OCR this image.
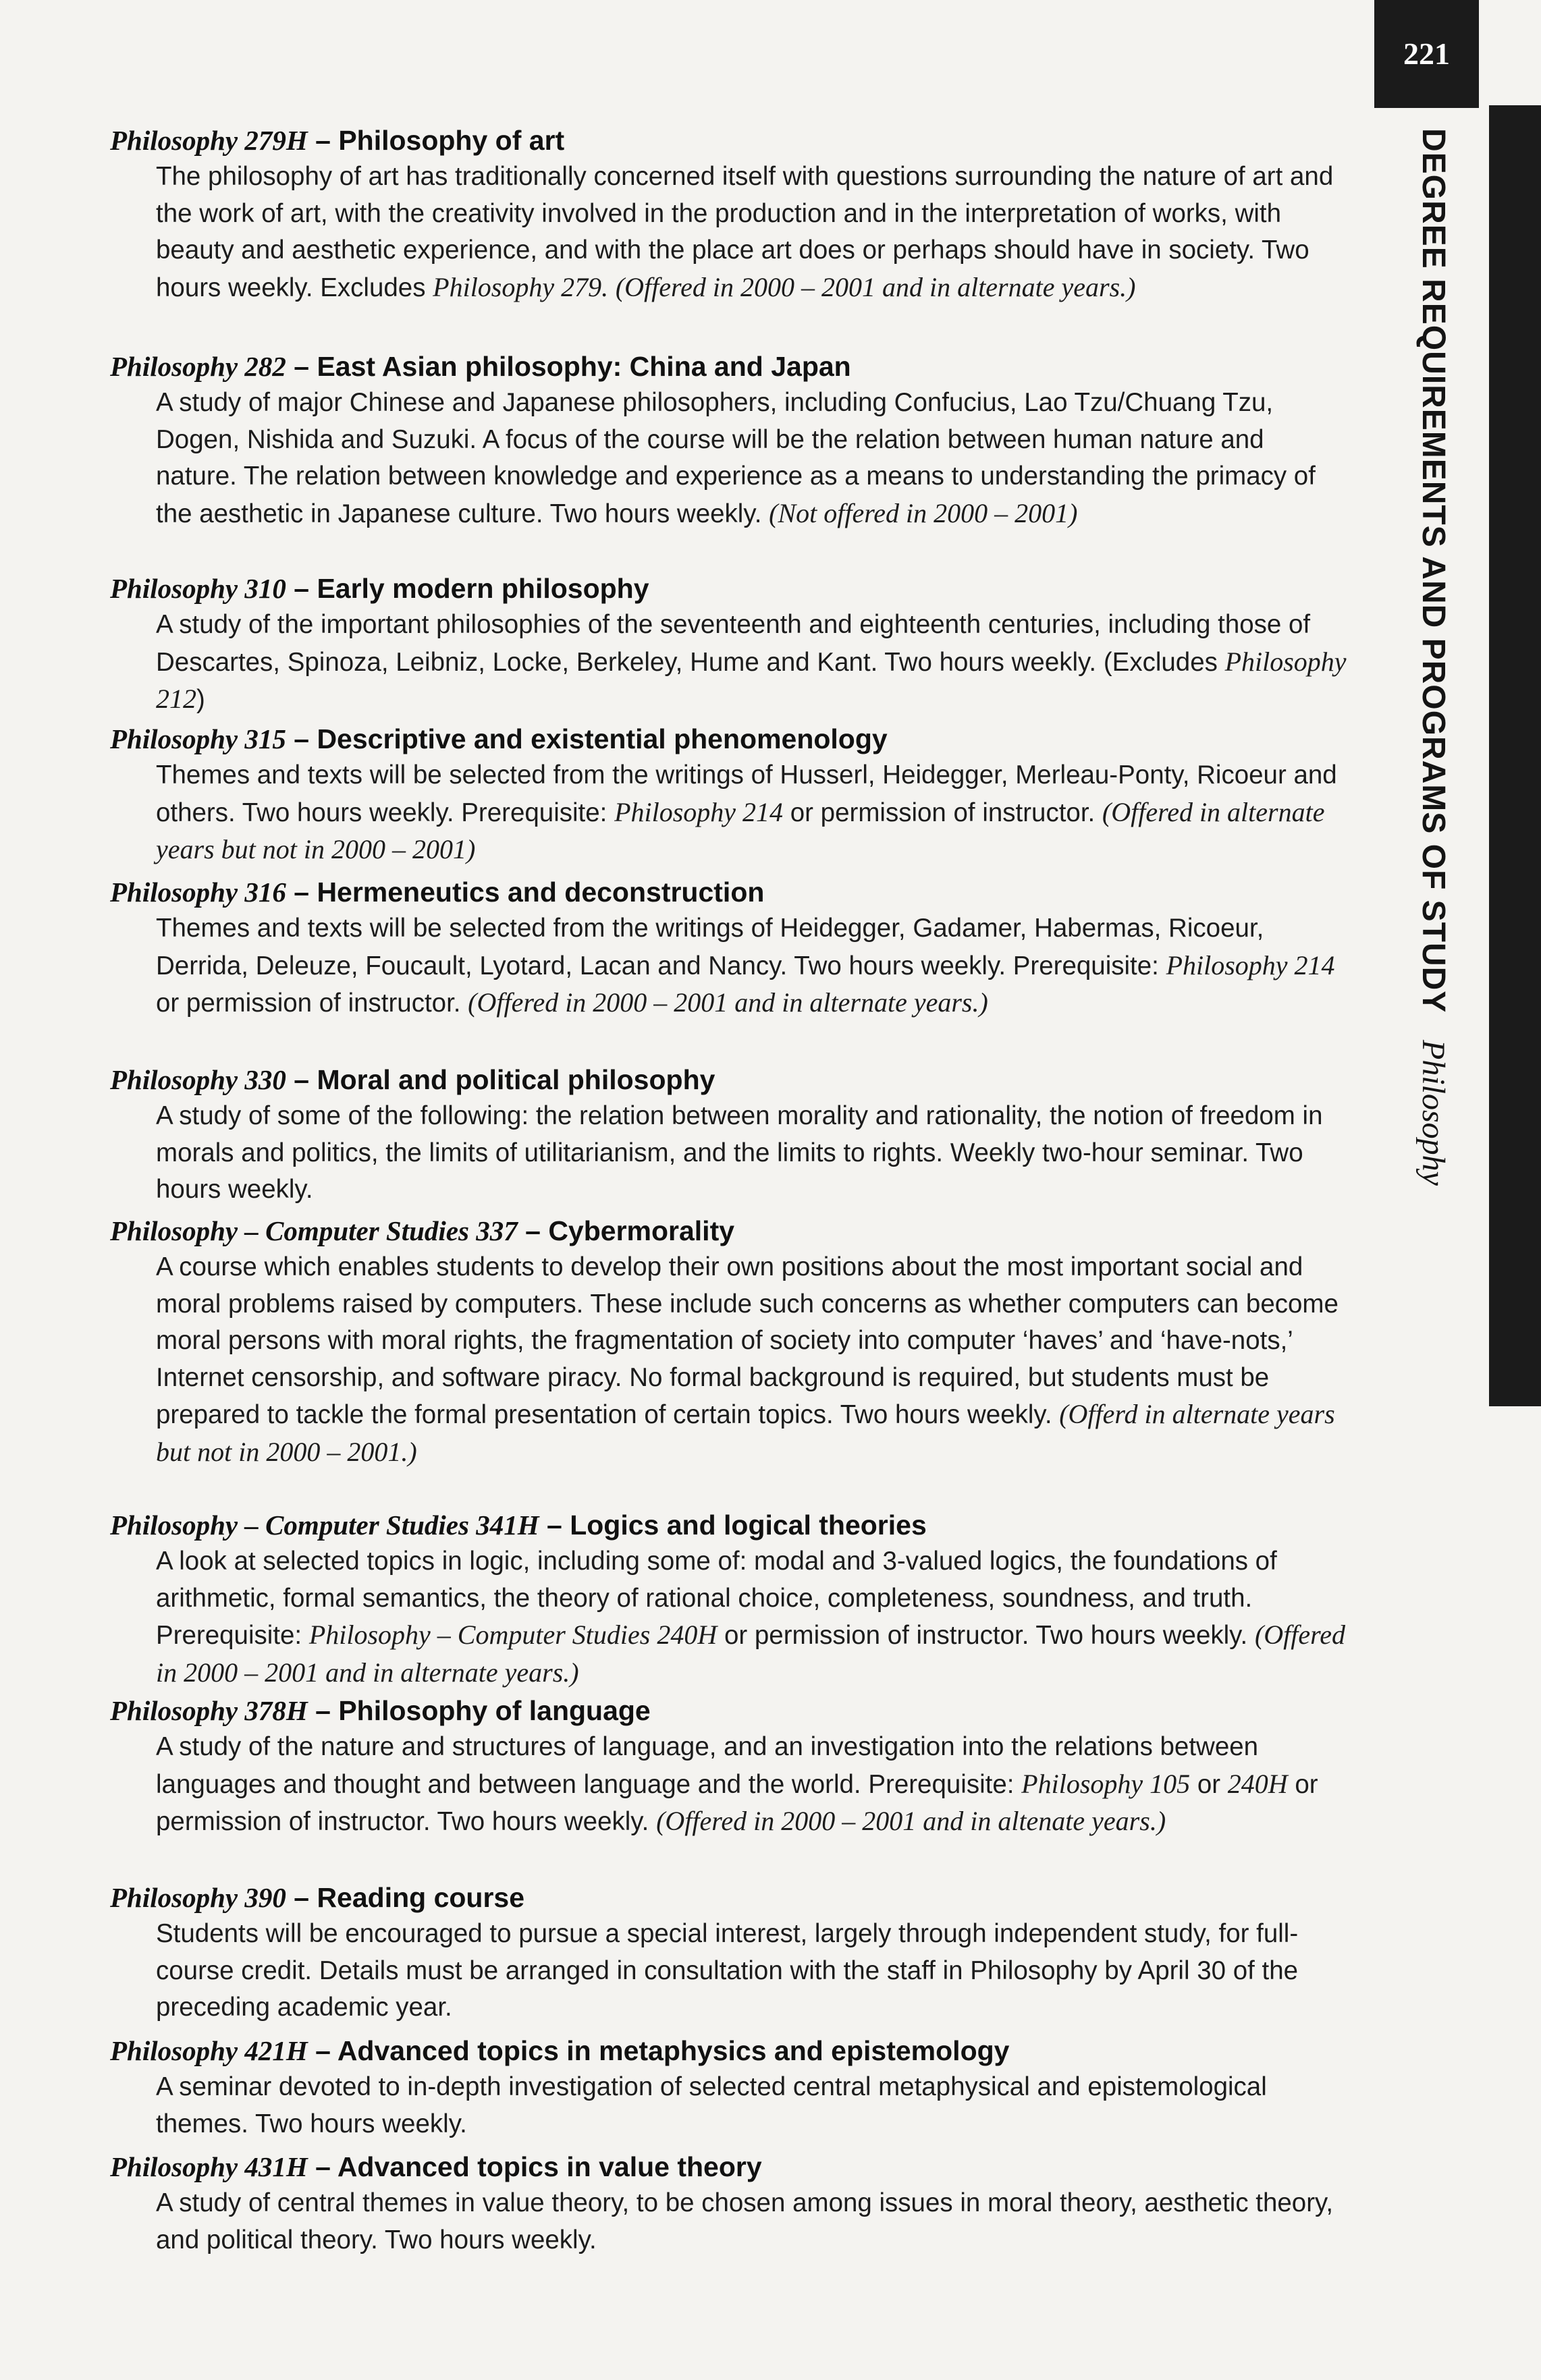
221
DEGREE REQUIREMENTS AND PROGRAMS OF STUDYPhilosophy
Philosophy 279H – Philosophy of art
The philosophy of art has traditionally concerned itself with questions surrounding the nature of art and the work of art, with the creativity involved in the production and in the interpretation of works, with beauty and aesthetic experience, and with the place art does or perhaps should have in society. Two hours weekly. Excludes Philosophy 279. (Offered in 2000 – 2001 and in alternate years.)
Philosophy 282 – East Asian philosophy: China and Japan
A study of major Chinese and Japanese philosophers, including Confucius, Lao Tzu/Chuang Tzu, Dogen, Nishida and Suzuki. A focus of the course will be the relation between human nature and nature. The relation between knowledge and experience as a means to understanding the primacy of the aesthetic in Japanese culture. Two hours weekly. (Not offered in 2000 – 2001)
Philosophy 310 – Early modern philosophy
A study of the important philosophies of the seventeenth and eighteenth centuries, including those of Descartes, Spinoza, Leibniz, Locke, Berkeley, Hume and Kant. Two hours weekly. (Excludes Philosophy 212)
Philosophy 315 – Descriptive and existential phenomenology
Themes and texts will be selected from the writings of Husserl, Heidegger, Merleau-Ponty, Ricoeur and others. Two hours weekly. Prerequisite: Philosophy 214 or permission of instructor. (Offered in alternate years but not in 2000 – 2001)
Philosophy 316 – Hermeneutics and deconstruction
Themes and texts will be selected from the writings of Heidegger, Gadamer, Habermas, Ricoeur, Derrida, Deleuze, Foucault, Lyotard, Lacan and Nancy. Two hours weekly. Prerequisite: Philosophy 214 or permission of instructor. (Offered in 2000 – 2001 and in alternate years.)
Philosophy 330 – Moral and political philosophy
A study of some of the following: the relation between morality and rationality, the notion of freedom in morals and politics, the limits of utilitarianism, and the limits to rights. Weekly two-hour seminar. Two hours weekly.
Philosophy – Computer Studies 337 – Cybermorality
A course which enables students to develop their own positions about the most important social and moral problems raised by computers. These include such concerns as whether computers can become moral persons with moral rights, the fragmentation of society into computer ‘haves’ and ‘have-nots,’ Internet censorship, and software piracy. No formal background is required, but students must be prepared to tackle the formal presentation of certain topics. Two hours weekly. (Offerd in alternate years but not in 2000 – 2001.)
Philosophy – Computer Studies 341H – Logics and logical theories
A look at selected topics in logic, including some of: modal and 3-valued logics, the foundations of arithmetic, formal semantics, the theory of rational choice, completeness, soundness, and truth. Prerequisite: Philosophy – Computer Studies 240H or permission of instructor. Two hours weekly. (Offered in 2000 – 2001 and in alternate years.)
Philosophy 378H – Philosophy of language
A study of the nature and structures of language, and an investigation into the relations between languages and thought and between language and the world. Prerequisite: Philosophy 105 or 240H or permission of instructor. Two hours weekly. (Offered in 2000 – 2001 and in altenate years.)
Philosophy 390 – Reading course
Students will be encouraged to pursue a special interest, largely through independent study, for full-course credit. Details must be arranged in consultation with the staff in Philosophy by April 30 of the preceding academic year.
Philosophy 421H – Advanced topics in metaphysics and epistemology
A seminar devoted to in-depth investigation of selected central metaphysical and epistemological themes. Two hours weekly.
Philosophy 431H – Advanced topics in value theory
A study of central themes in value theory, to be chosen among issues in moral theory, aesthetic theory, and political theory. Two hours weekly.
